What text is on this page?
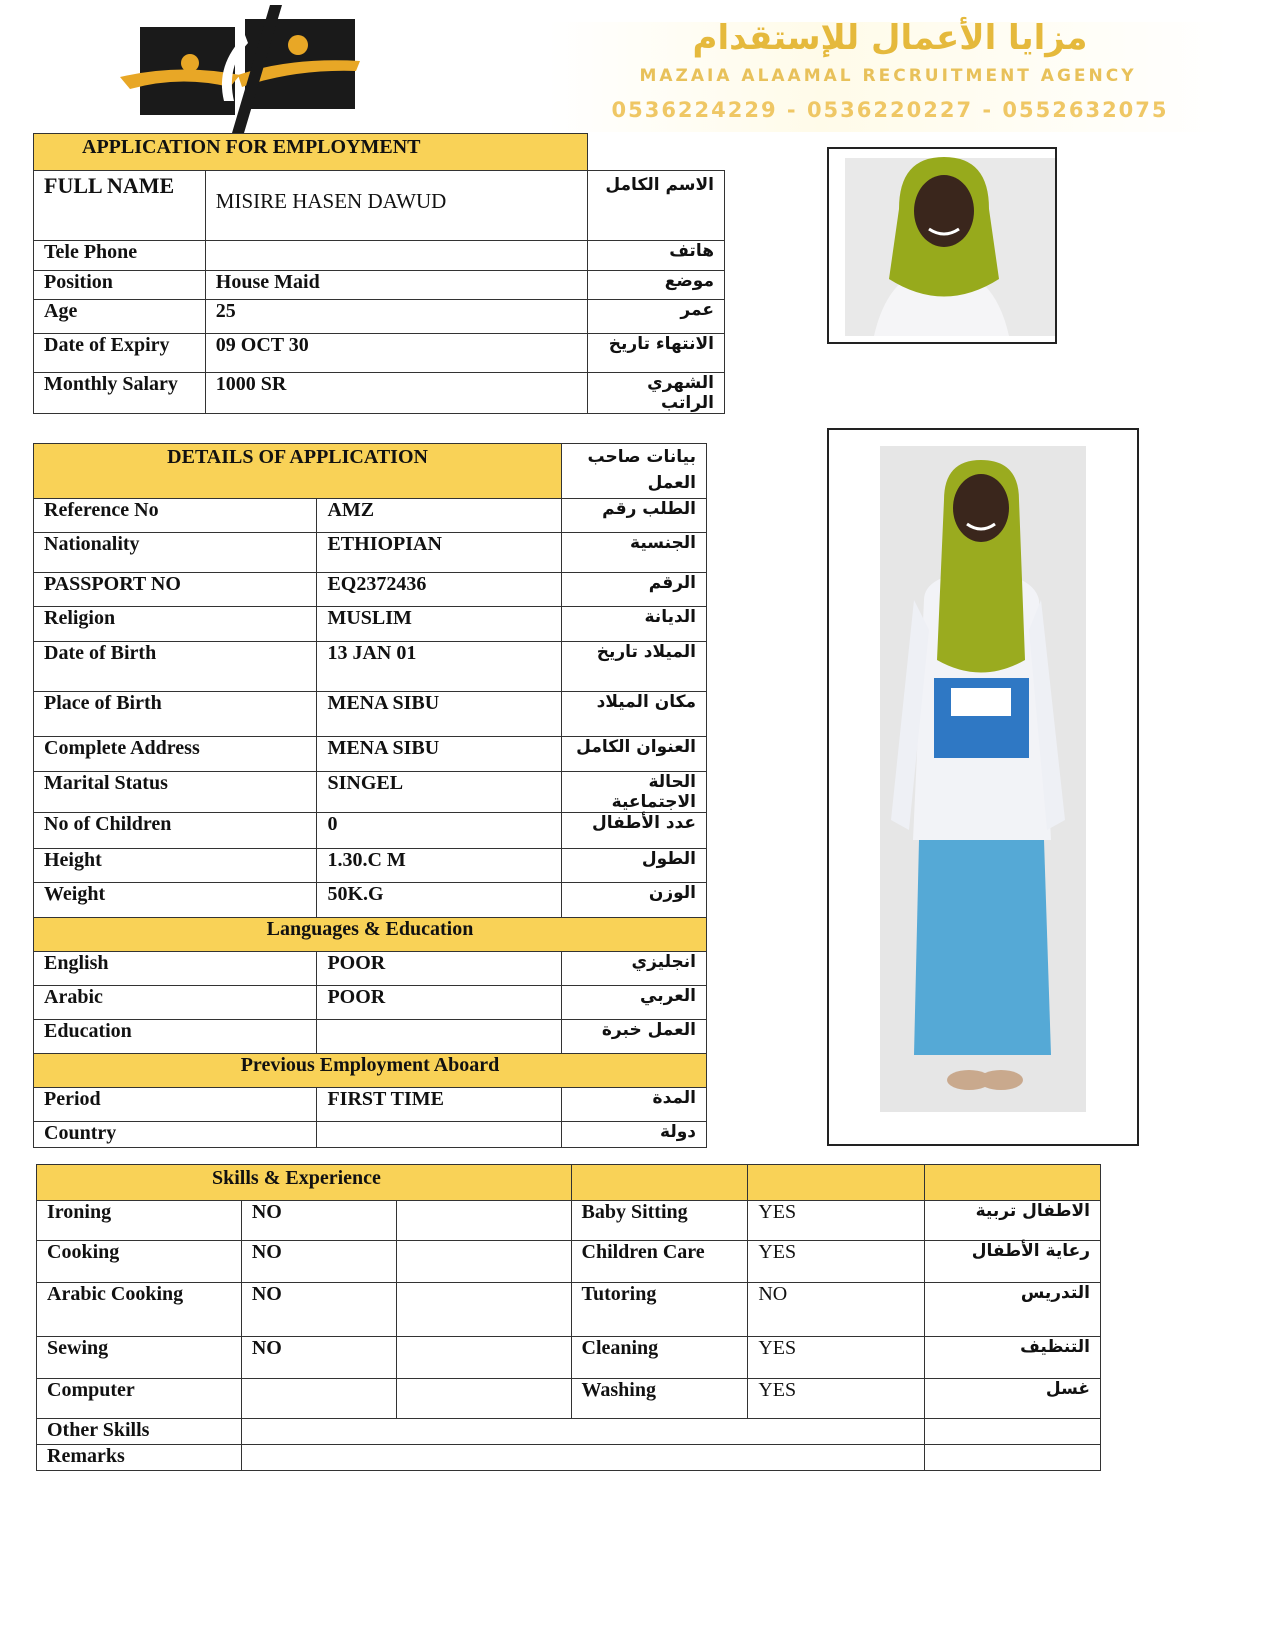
مزايا الأعمال للإستقدام
MAZAIA ALAAMAL RECRUITMENT AGENCY
0536224229 - 0536220227 - 0552632075
APPLICATION FOR EMPLOYMENT		
FULL NAME	MISIRE HASEN DAWUD	الاسم الكامل
Tele Phone		هاتف
Position	House Maid	موضع
Age	25	عمر
Date of Expiry	09 OCT 30	الانتهاء تاريخ
Monthly Salary	1000 SR	الشهري الراتب
DETAILS OF APPLICATION		بيانات صاحب العمل
Reference No	AMZ	الطلب رقم
Nationality	ETHIOPIAN	الجنسية
PASSPORT NO	EQ2372436	الرقم
Religion	MUSLIM	الديانة
Date of Birth	13 JAN 01	الميلاد تاريخ
Place of Birth	MENA SIBU	مكان الميلاد
Complete Address	MENA SIBU	العنوان الكامل
Marital Status	SINGEL	الحالة الاجتماعية
No of Children	0	عدد الأطفال
Height	1.30.C M	الطول
Weight	50K.G	الوزن
Languages & Education		
English	POOR	انجليزي
Arabic	POOR	العربي
Education		العمل خبرة
Previous Employment Aboard		
Period	FIRST TIME	المدة
Country		دولة
Skills & Experience					
Ironing	NO		Baby Sitting	YES	الاطفال تربية
Cooking	NO		Children Care	YES	رعاية الأطفال
Arabic Cooking	NO		Tutoring	NO	التدريس
Sewing	NO		Cleaning	YES	التنظيف
Computer			Washing	YES	غسل
Other Skills					
Remarks					
